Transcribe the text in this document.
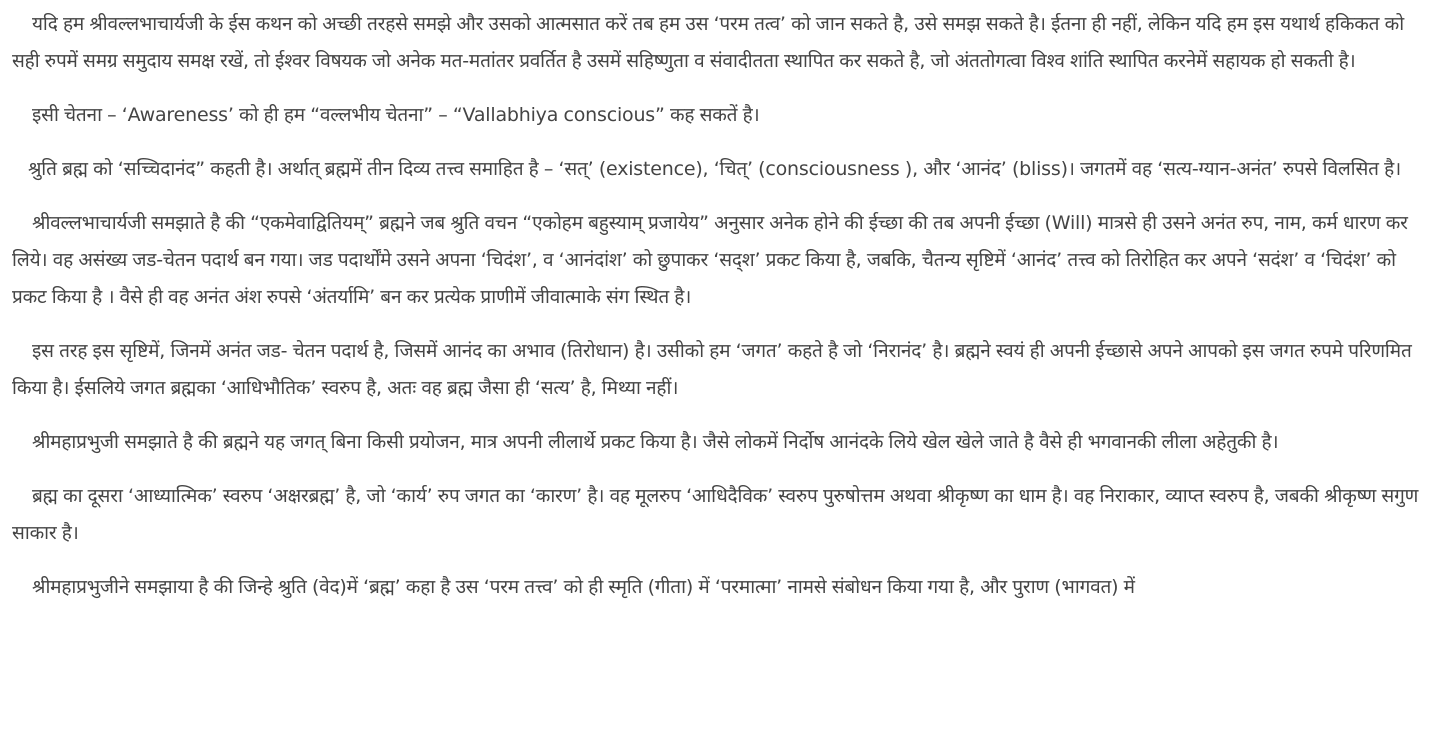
यदि हम श्रीवल्लभाचार्यजी के ईस कथन को अच्छी तरहसे समझे और उसको आत्मसात करें तब हम उस ‘परम तत्व’ को जान सकते है, उसे समझ सकते है। ईतना ही नहीं, लेकिन यदि हम इस यथार्थ हकिकत को सही रुपमें समग्र समुदाय समक्ष रखें, तो ईश्वर विषयक जो अनेक मत-मतांतर प्रवर्तित है उसमें सहिष्णुता व संवादीतता स्थापित कर सकते है, जो अंततोगत्वा विश्व शांति स्थापित करनेमें सहायक हो सकती है।

इसी चेतना – ‘Awareness’ को ही हम “वल्लभीय चेतना” – “Vallabhiya conscious” कह सकतें है।

श्रुति ब्रह्म को ‘सच्चिदानंद” कहती है। अर्थात् ब्रह्ममें तीन दिव्य तत्त्व समाहित है – ‘सत्’ (existence), ‘चित्’ (consciousness ), और ‘आनंद’ (bliss)। जगतमें वह ‘सत्य-ग्यान-अनंत’ रुपसे विलसित है।

श्रीवल्लभाचार्यजी समझाते है की “एकमेवाद्वितियम्” ब्रह्मने जब श्रुति वचन “एकोहम बहुस्याम् प्रजायेय” अनुसार अनेक होने की ईच्छा की तब अपनी ईच्छा (Will) मात्रसे ही उसने अनंत रुप, नाम, कर्म धारण कर लिये। वह असंख्य जड-चेतन पदार्थ बन गया। जड पदार्थोंमे उसने अपना ‘चिदंश’, व ‘आनंदांश’ को छुपाकर ‘सद्श’ प्रकट किया है, जबकि, चैतन्य सृष्टिमें ‘आनंद’ तत्त्व को तिरोहित कर अपने ‘सदंश’ व ‘चिदंश’ को प्रकट किया है । वैसे ही वह अनंत अंश रुपसे ‘अंतर्यामि’ बन कर प्रत्येक प्राणीमें जीवात्माके संग स्थित है।

इस तरह इस सृष्टिमें, जिनमें अनंत जड- चेतन पदार्थ है, जिसमें आनंद का अभाव (तिरोधान) है। उसीको हम ‘जगत’ कहते है जो ‘निरानंद’ है। ब्रह्मने स्वयं ही अपनी ईच्छासे अपने आपको इस जगत रुपमे परिणमित किया है। ईसलिये जगत ब्रह्मका ‘आधिभौतिक’ स्वरुप है, अतः वह ब्रह्म जैसा ही ‘सत्य’ है, मिथ्या नहीं।

श्रीमहाप्रभुजी समझाते है की ब्रह्मने यह जगत् बिना किसी प्रयोजन, मात्र अपनी लीलार्थे प्रकट किया है। जैसे लोकमें निर्दोष आनंदके लिये खेल खेले जाते है वैसे ही भगवानकी लीला अहेतुकी है।

ब्रह्म का दूसरा ‘आध्यात्मिक’ स्वरुप ‘अक्षरब्रह्म’ है, जो ‘कार्य’ रुप जगत का ‘कारण’ है। वह मूलरुप ‘आधिदैविक’ स्वरुप पुरुषोत्तम अथवा श्रीकृष्ण का धाम है। वह निराकार, व्याप्त स्वरुप है, जबकी श्रीकृष्ण सगुण साकार है।

श्रीमहाप्रभुजीने समझाया है की जिन्हे श्रुति (वेद)में ‘ब्रह्म’ कहा है उस ‘परम तत्त्व’ को ही स्मृति (गीता) में ‘परमात्मा’ नामसे संबोधन किया गया है, और पुराण (भागवत) में
